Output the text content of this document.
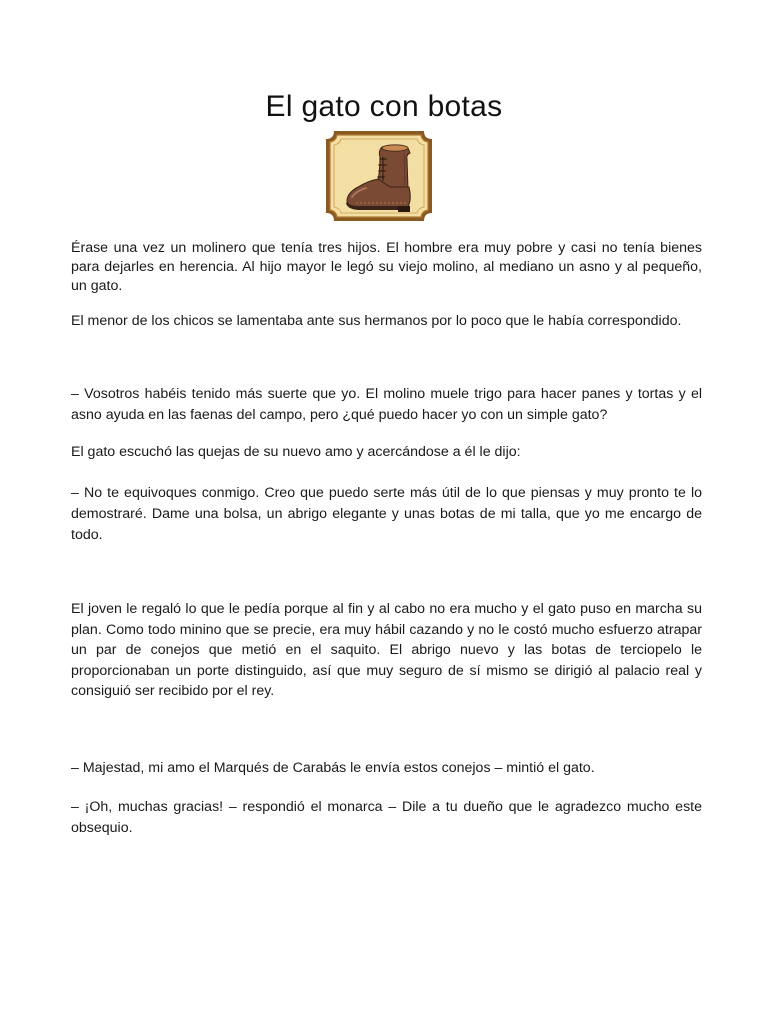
El gato con botas

Érase una vez un molinero que tenía tres hijos. El hombre era muy pobre y casi no tenía bienes para dejarles en herencia. Al hijo mayor le legó su viejo molino, al mediano un asno y al pequeño, un gato.

El menor de los chicos se lamentaba ante sus hermanos por lo poco que le había correspondido.

– Vosotros habéis tenido más suerte que yo. El molino muele trigo para hacer panes y tortas y el asno ayuda en las faenas del campo, pero ¿qué puedo hacer yo con un simple gato?

El gato escuchó las quejas de su nuevo amo y acercándose a él le dijo:

– No te equivoques conmigo. Creo que puedo serte más útil de lo que piensas y muy pronto te lo demostraré. Dame una bolsa, un abrigo elegante y unas botas de mi talla, que yo me encargo de todo.

El joven le regaló lo que le pedía porque al fin y al cabo no era mucho y el gato puso en marcha su plan. Como todo minino que se precie, era muy hábil cazando y no le costó mucho esfuerzo atrapar un par de conejos que metió en el saquito. El abrigo nuevo y las botas de terciopelo le proporcionaban un porte distinguido, así que muy seguro de sí mismo se dirigió al palacio real y consiguió ser recibido por el rey.

– Majestad, mi amo el Marqués de Carabás le envía estos conejos – mintió el gato.

– ¡Oh, muchas gracias! – respondió el monarca – Dile a tu dueño que le agradezco mucho este obsequio.
